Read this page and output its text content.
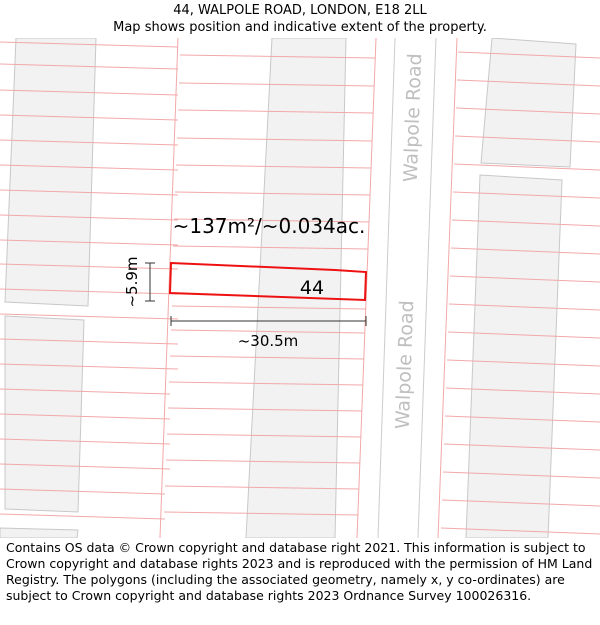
44, WALPOLE ROAD, LONDON, E18 2LL
Map shows position and indicative extent of the property.
Walpole Road
Walpole Road
~137m²/~0.034ac.
44
~5.9m
~30.5m
Contains OS data © Crown copyright and database right 2021. This information is subject to Crown copyright and database rights 2023 and is reproduced with the permission of HM Land Registry. The polygons (including the associated geometry, namely x, y co-ordinates) are subject to Crown copyright and database rights 2023 Ordnance Survey 100026316.
